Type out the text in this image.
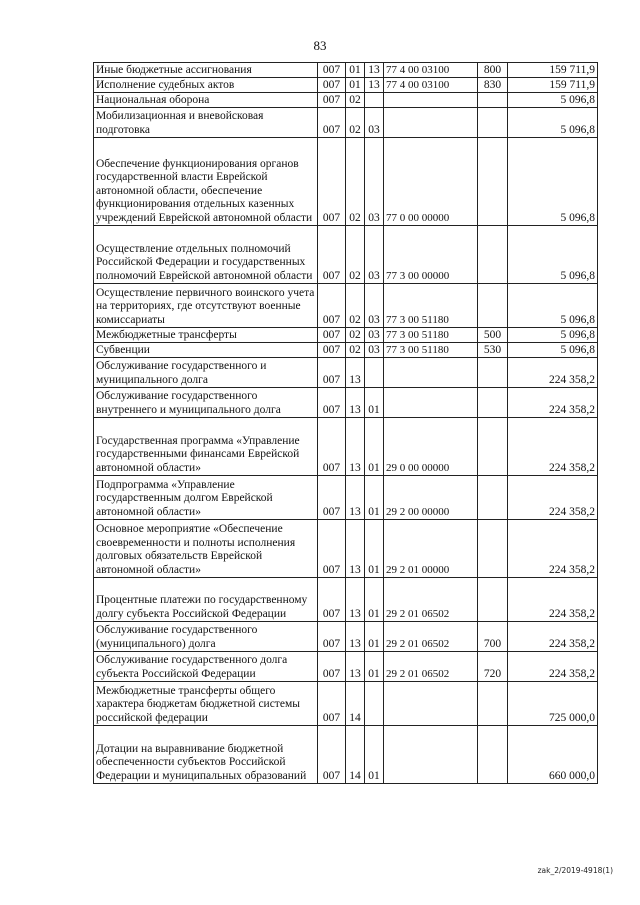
83
Иные бюджетные ассигнования	007	01	13	77 4 00 03100	800	159 711,9
Исполнение судебных актов	007	01	13	77 4 00 03100	830	159 711,9
Национальная оборона	007	02				5 096,8
Мобилизационная и вневойсковая подготовка	007	02	03			5 096,8
Обеспечение функционирования органов государственной власти Еврейской автономной области, обеспечение функционирования отдельных казенных учреждений Еврейской автономной области	007	02	03	77 0 00 00000		5 096,8
Осуществление отдельных полномочий Российской Федерации и государственных полномочий Еврейской автономной области	007	02	03	77 3 00 00000		5 096,8
Осуществление первичного воинского учета на территориях, где отсутствуют военные комиссариаты	007	02	03	77 3 00 51180		5 096,8
Межбюджетные трансферты	007	02	03	77 3 00 51180	500	5 096,8
Субвенции	007	02	03	77 3 00 51180	530	5 096,8
Обслуживание государственного и муниципального долга	007	13				224 358,2
Обслуживание государственного внутреннего и муниципального долга	007	13	01			224 358,2
Государственная программа «Управление государственными финансами Еврейской автономной области»	007	13	01	29 0 00 00000		224 358,2
Подпрограмма «Управление государственным долгом Еврейской автономной области»	007	13	01	29 2 00 00000		224 358,2
Основное мероприятие «Обеспечение своевременности и полноты исполнения долговых обязательств Еврейской автономной области»	007	13	01	29 2 01 00000		224 358,2
Процентные платежи по государственному долгу субъекта Российской Федерации	007	13	01	29 2 01 06502		224 358,2
Обслуживание государственного (муниципального) долга	007	13	01	29 2 01 06502	700	224 358,2
Обслуживание государственного долга субъекта Российской Федерации	007	13	01	29 2 01 06502	720	224 358,2
Межбюджетные трансферты общего характера бюджетам бюджетной системы российской федерации	007	14				725 000,0
Дотации на выравнивание бюджетной обеспеченности субъектов Российской Федерации и муниципальных образований	007	14	01			660 000,0
zak_2/2019-4918(1)
